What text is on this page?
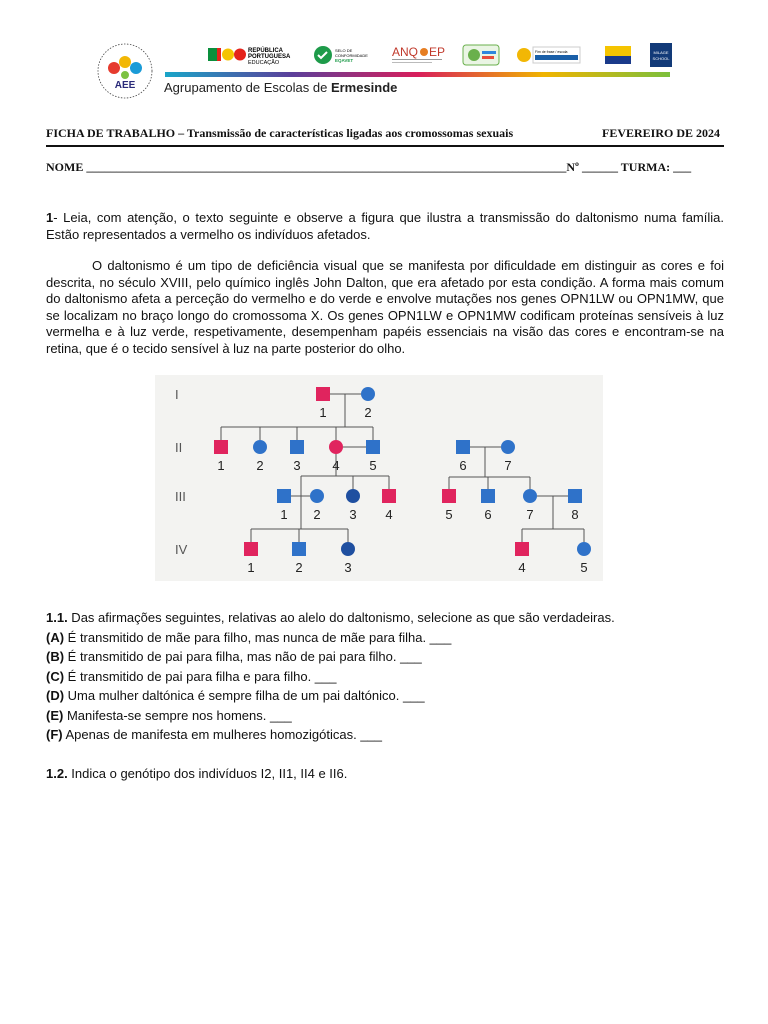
AEE
REPÚBLICA
PORTUGUESA
EDUCAÇÃO
SELO DE
CONFORMIDADE
EQAVET
ANQ EP	Fim de frase / escola	MILAGE
SCHOOL
Agrupamento de Escolas de Ermesinde
FICHA DE TRABALHO – Transmissão de características ligadas aos cromossomas sexuais	FEVEREIRO DE 2024
NOME ________________________________________________________________________________Nº ______ TURMA: ___
1- Leia, com atenção, o texto seguinte e observe a figura que ilustra a transmissão do daltonismo numa família. Estão representados a vermelho os indivíduos afetados.
O daltonismo é um tipo de deficiência visual que se manifesta por dificuldade em distinguir as cores e foi descrita, no século XVIII, pelo químico inglês John Dalton, que era afetado por esta condição. A forma mais comum do daltonismo afeta a perceção do vermelho e do verde e envolve mutações nos genes OPN1LW ou OPN1MW, que se localizam no braço longo do cromossoma X. Os genes OPN1LW e OPN1MW codificam proteínas sensíveis à luz vermelha e à luz verde, respetivamente, desempenham papéis essenciais na visão das cores e encontram-se na retina, que é o tecido sensível à luz na parte posterior do olho.
I
II
III
IV
1	2
1 2 3 4 5	6	7
1 2 3 4	5 6	7	8
1	2	3	4	5
1.1. Das afirmações seguintes, relativas ao alelo do daltonismo, selecione as que são verdadeiras.
(A) É transmitido de mãe para filho, mas nunca de mãe para filha. ___
(B) É transmitido de pai para filha, mas não de pai para filho. ___
(C) É transmitido de pai para filha e para filho. ___
(D) Uma mulher daltónica é sempre filha de um pai daltónico. ___
(E) Manifesta-se sempre nos homens. ___
(F) Apenas de manifesta em mulheres homozigóticas. ___
1.2. Indica o genótipo dos indivíduos I2, II1, II4 e II6.
